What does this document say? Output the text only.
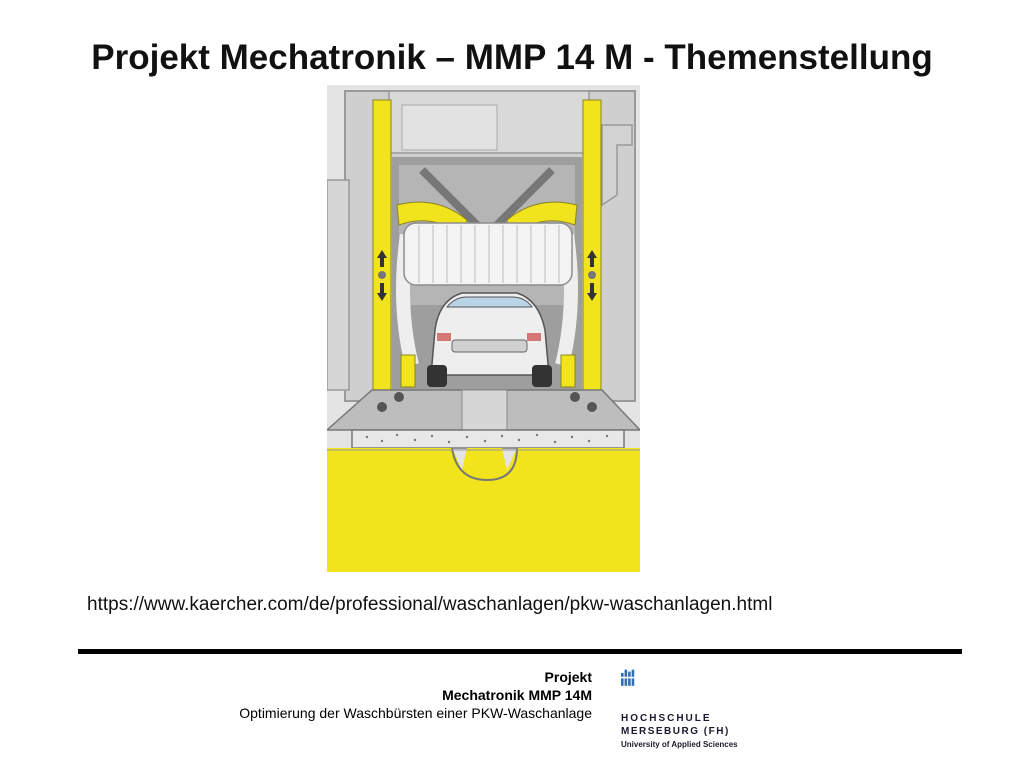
Projekt Mechatronik – MMP 14 M - Themenstellung
https://www.kaercher.com/de/professional/waschanlagen/pkw-waschanlagen.html
Projekt
Mechatronik MMP 14M
Optimierung der Waschbürsten einer PKW-Waschanlage	HOCHSCHULE
MERSEBURG (FH)
University of Applied Sciences
